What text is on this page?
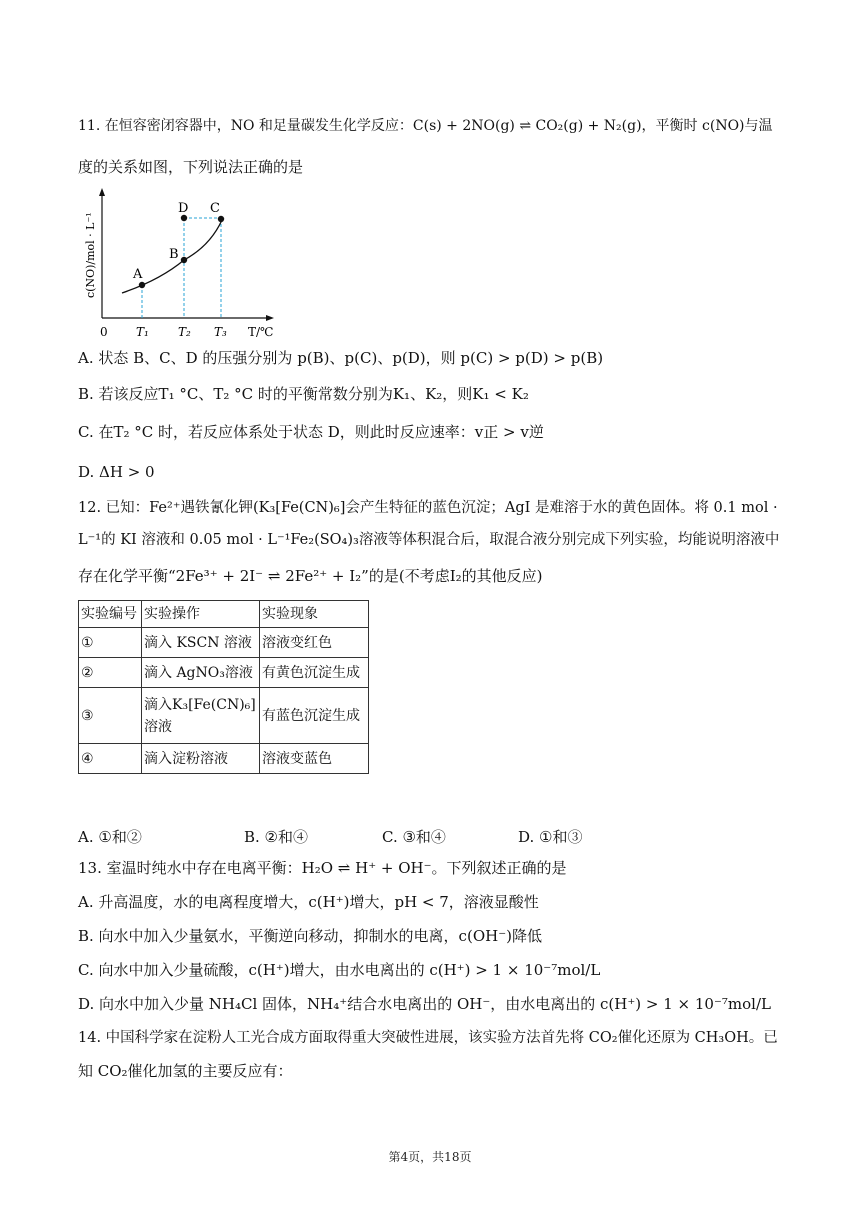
11. 在恒容密闭容器中，NO 和足量碳发生化学反应：C(s) + 2NO(g) ⇌ CO₂(g) + N₂(g)，平衡时 c(NO)与温
度的关系如图，下列说法正确的是
A
B
C
D
0 T₁ T₂ T₃ T/℃
c(NO)/mol · L⁻¹
A. 状态 B、C、D 的压强分别为 p(B)、p(C)、p(D)，则 p(C) > p(D) > p(B)
B. 若该反应T₁ °C、T₂ °C 时的平衡常数分别为K₁、K₂，则K₁ < K₂
C. 在T₂ °C 时，若反应体系处于状态 D，则此时反应速率：v正 > v逆
D. ΔH > 0
12. 已知：Fe²⁺遇铁氰化钾(K₃[Fe(CN)₆]会产生特征的蓝色沉淀；AgI 是难溶于水的黄色固体。将 0.1 mol ·
L⁻¹的 KI 溶液和 0.05 mol · L⁻¹Fe₂(SO₄)₃溶液等体积混合后，取混合液分别完成下列实验，均能说明溶液中
存在化学平衡“2Fe³⁺ + 2I⁻ ⇌ 2Fe²⁺ + I₂”的是(不考虑I₂的其他反应)
实验编号	实验操作	实验现象
①	滴入 KSCN 溶液	溶液变红色
②	滴入 AgNO₃溶液	有黄色沉淀生成
③	滴入K₃[Fe(CN)₆]溶液	有蓝色沉淀生成
④	滴入淀粉溶液	溶液变蓝色
A. ①和②	B. ②和④	C. ③和④	D. ①和③
13. 室温时纯水中存在电离平衡：H₂O ⇌ H⁺ + OH⁻。下列叙述正确的是
A. 升高温度，水的电离程度增大，c(H⁺)增大，pH < 7，溶液显酸性
B. 向水中加入少量氨水，平衡逆向移动，抑制水的电离，c(OH⁻)降低
C. 向水中加入少量硫酸，c(H⁺)增大，由水电离出的 c(H⁺) > 1 × 10⁻⁷mol/L
D. 向水中加入少量 NH₄Cl 固体，NH₄⁺结合水电离出的 OH⁻，由水电离出的 c(H⁺) > 1 × 10⁻⁷mol/L
14. 中国科学家在淀粉人工光合成方面取得重大突破性进展，该实验方法首先将 CO₂催化还原为 CH₃OH。已
知 CO₂催化加氢的主要反应有：
第4页，共18页
